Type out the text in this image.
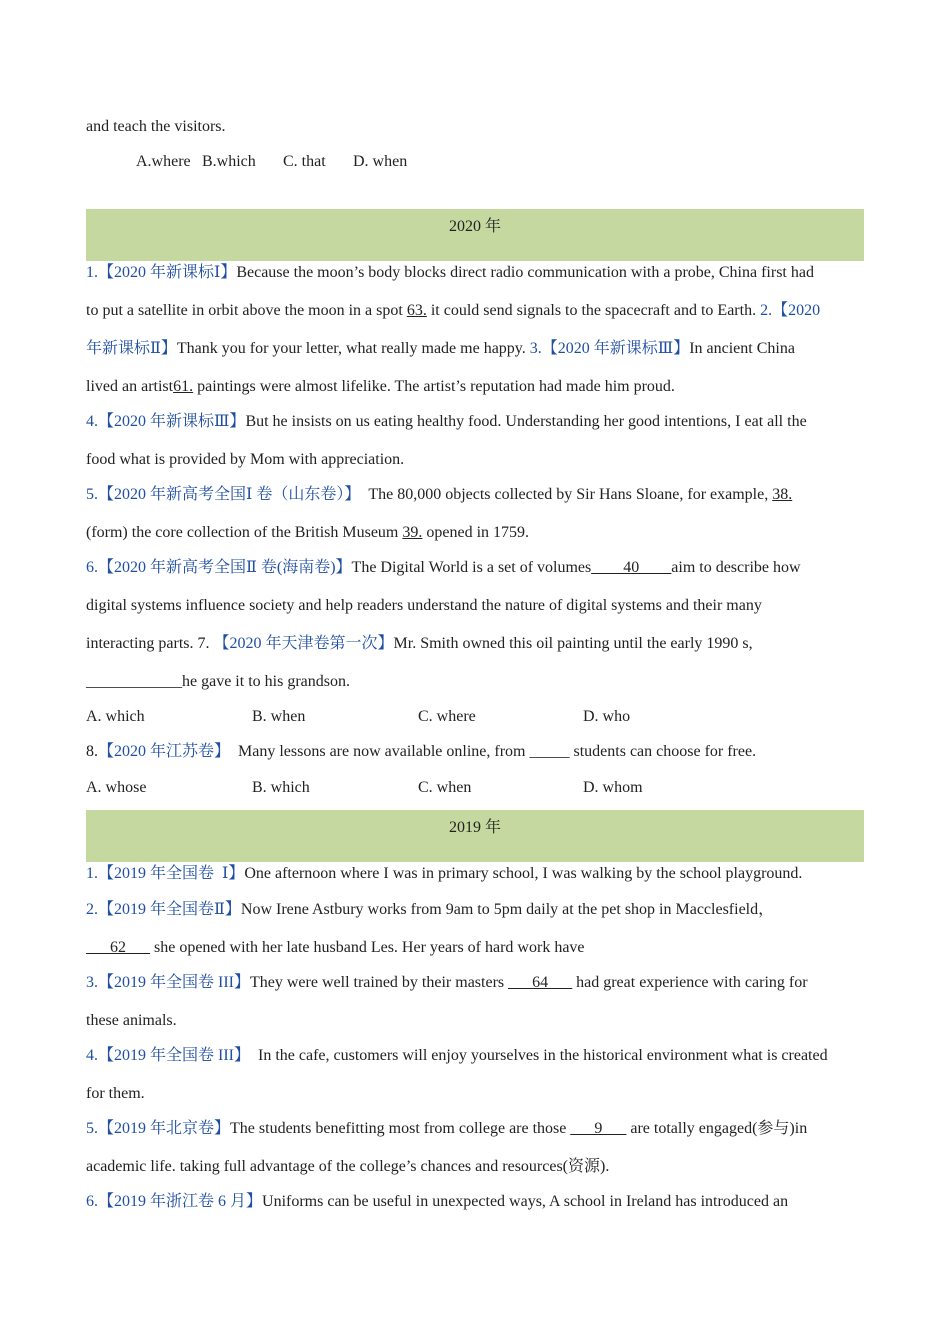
and teach the visitors.
A.where B.which C. that D. when
2020 年
1.【2020 年新课标Ⅰ】Because the moon’s body blocks direct radio communication with a probe, China first had
to put a satellite in orbit above the moon in a spot 63. it could send signals to the spacecraft and to Earth. 2.【2020
年新课标Ⅱ】Thank you for your letter, what really made me happy. 3.【2020 年新课标Ⅲ】In ancient China
lived an artist61. paintings were almost lifelike. The artist’s reputation had made him proud.
4.【2020 年新课标Ⅲ】But he insists on us eating healthy food. Understanding her good intentions, I eat all the
food what is provided by Mom with appreciation.
5.【2020 年新高考全国Ⅰ 卷（山东卷）】 The 80,000 objects collected by Sir Hans Sloane, for example, 38.
(form) the core collection of the British Museum 39. opened in 1759.
6.【2020 年新高考全国Ⅱ 卷(海南卷)】The Digital World is a set of volumes____40____aim to describe how
digital systems influence society and help readers understand the nature of digital systems and their many
interacting parts. 7. 【2020 年天津卷第一次】Mr. Smith owned this oil painting until the early 1990 s,
____________he gave it to his grandson.
A. which	B. when	C. where	D. who
8.【2020 年江苏卷】  Many lessons are now available online, from _____ students can choose for free.
A. whose	B. which	C. when	D. whom
2019 年
1.【2019 年全国卷  Ⅰ】One afternoon where I was in primary school, I was walking by the school playground.
2.【2019 年全国卷Ⅱ】Now Irene Astbury works from 9am to 5pm daily at the pet shop in Macclesfield，
___62___ she opened with her late husband Les. Her years of hard work have
3.【2019 年全国卷 III】They were well trained by their masters ___64___ had great experience with caring for
these animals.
4.【2019 年全国卷 III】  In the cafe, customers will enjoy yourselves in the historical environment what is created
for them.
5.【2019 年北京卷】The students benefitting most from college are those ___9___ are totally engaged(参与)in
academic life. taking full advantage of the college’s chances and resources(资源).
6.【2019 年浙江卷 6 月】Uniforms can be useful in unexpected ways, A school in Ireland has introduced an
